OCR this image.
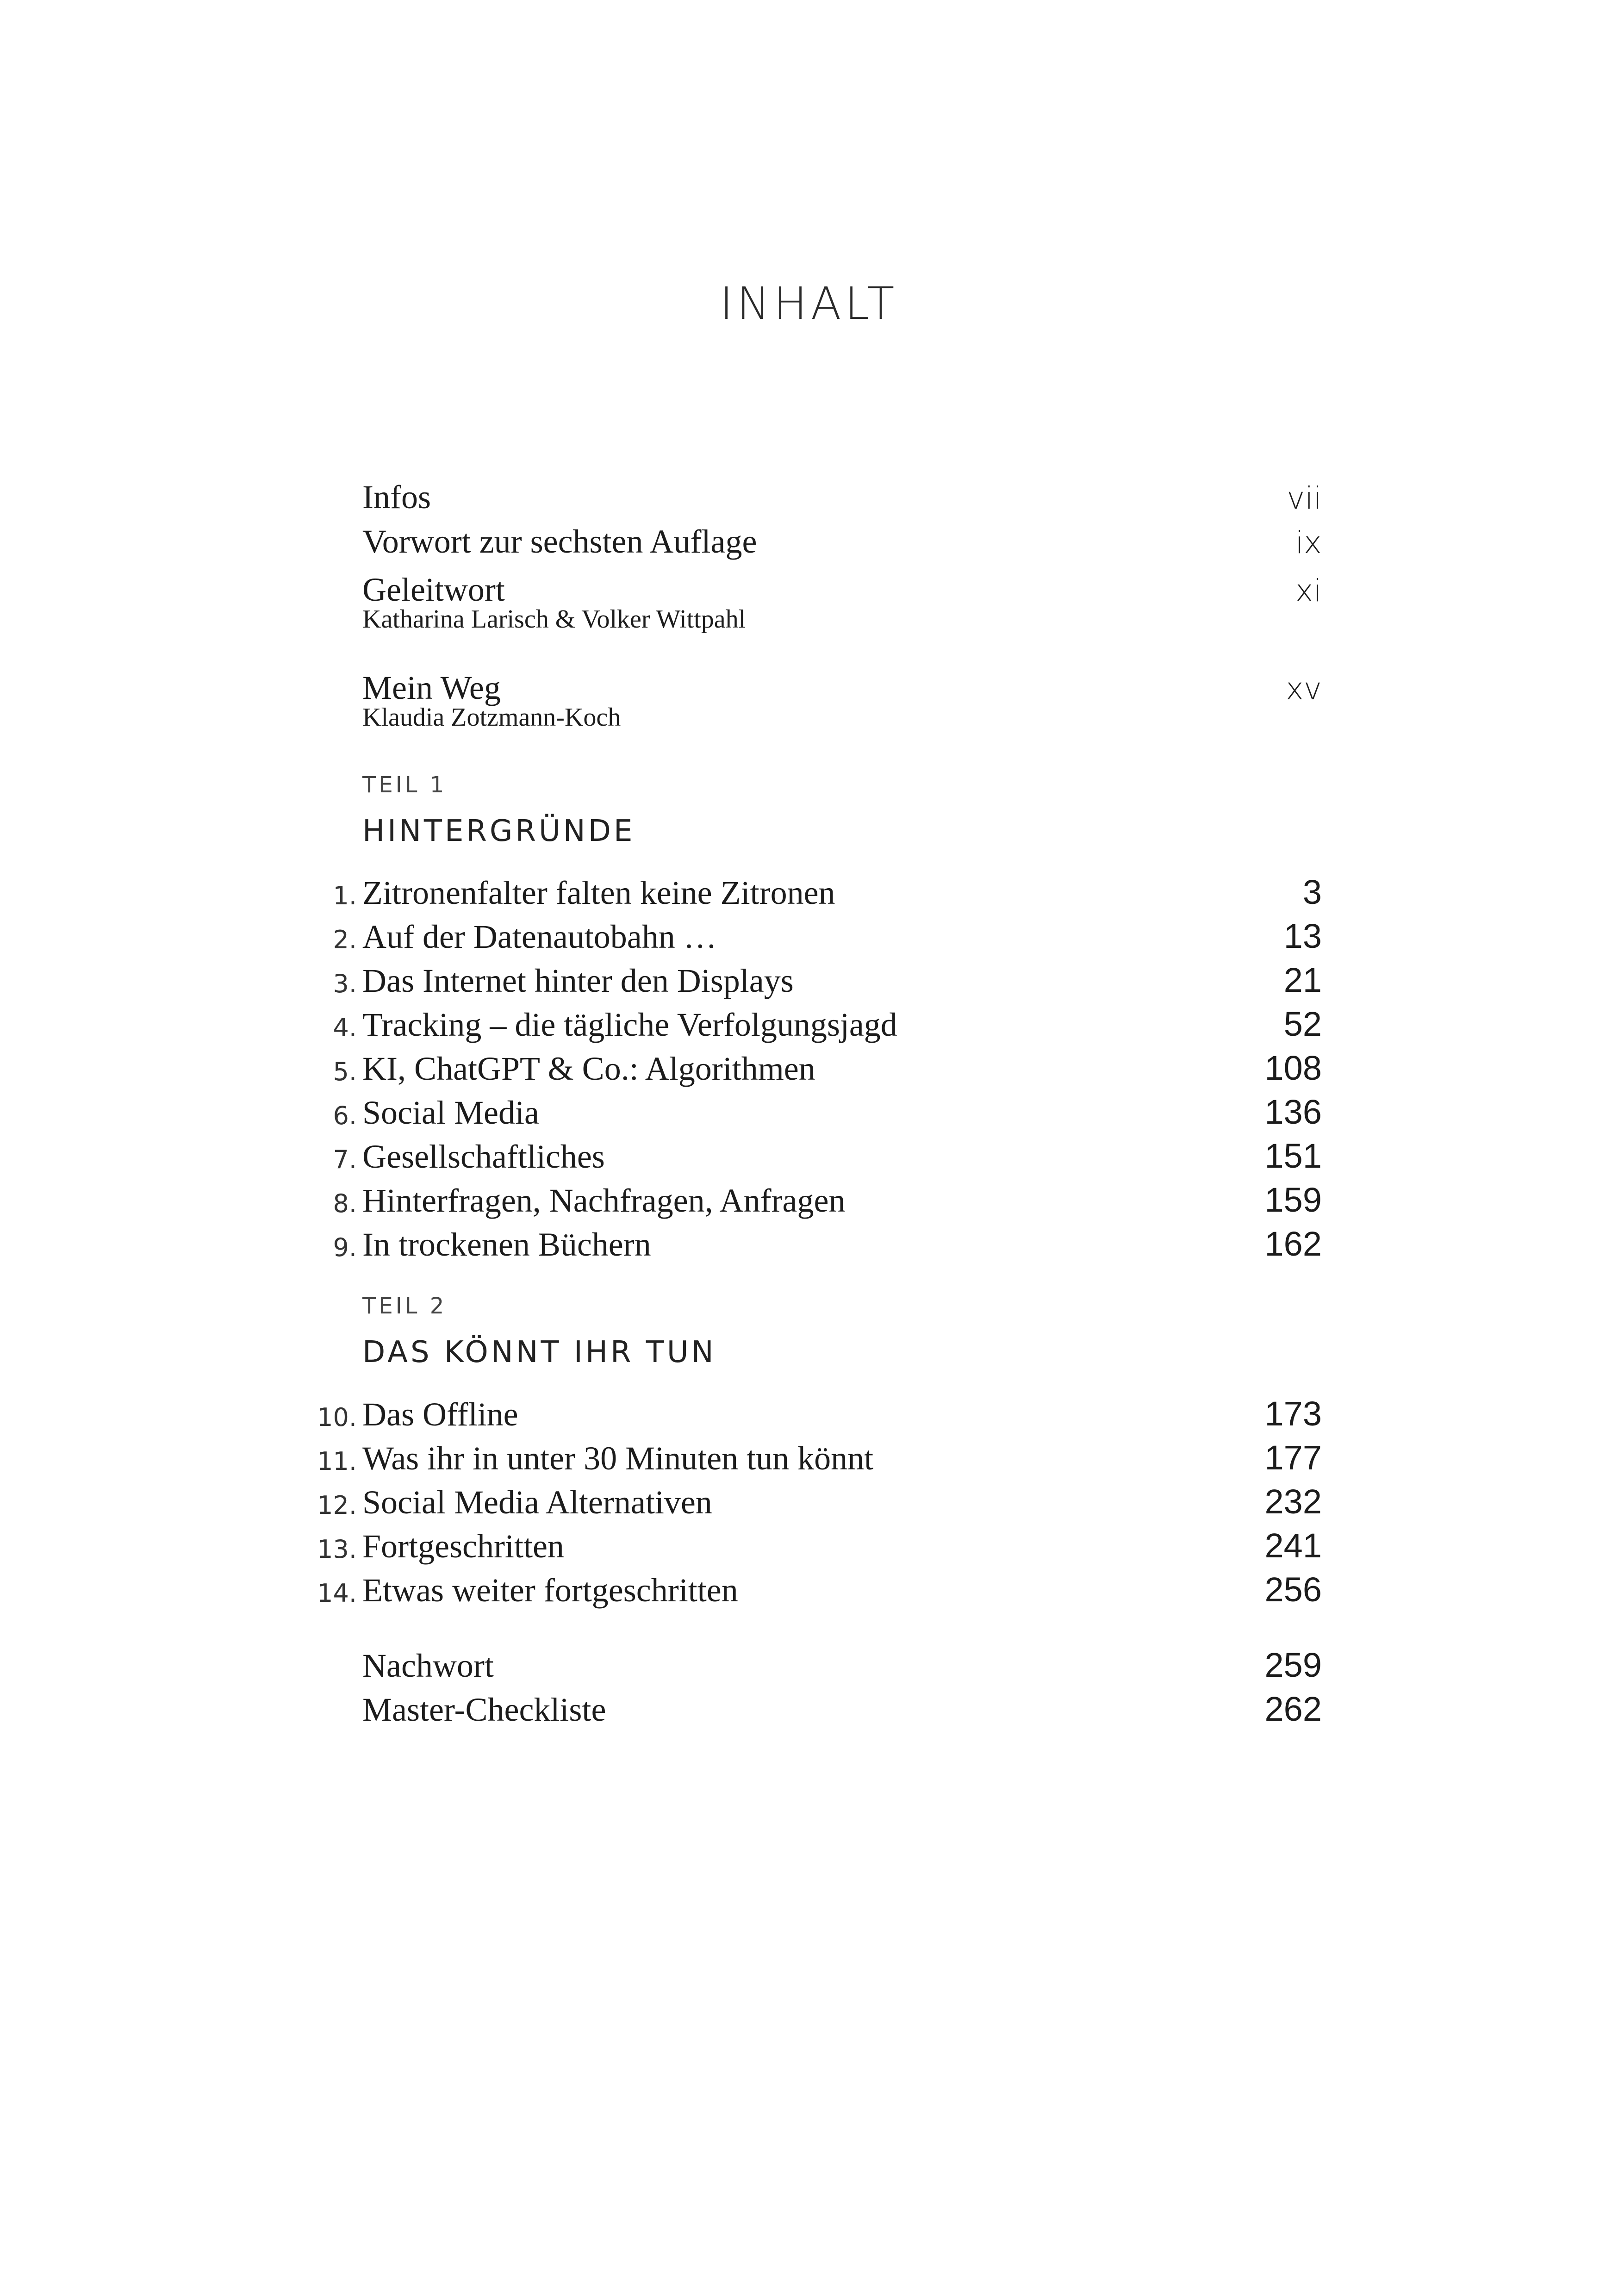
INHALT
Infos	vii
Vorwort zur sechsten Auflage	ix
Geleitwort	xi
Katharina Larisch & Volker Wittpahl
Mein Weg	xv
Klaudia Zotzmann-Koch
TEIL 1
HINTERGRÜNDE
1. Zitronenfalter falten keine Zitronen	3
2. Auf der Datenautobahn …	13
3. Das Internet hinter den Displays	21
4. Tracking – die tägliche Verfolgungsjagd	52
5. KI, ChatGPT & Co.: Algorithmen	108
6. Social Media	136
7. Gesellschaftliches	151
8. Hinterfragen, Nachfragen, Anfragen	159
9. In trockenen Büchern	162
TEIL 2
DAS KÖNNT IHR TUN
10. Das Offline	173
11. Was ihr in unter 30 Minuten tun könnt	177
12. Social Media Alternativen	232
13. Fortgeschritten	241
14. Etwas weiter fortgeschritten	256
Nachwort	259
Master-Checkliste	262
